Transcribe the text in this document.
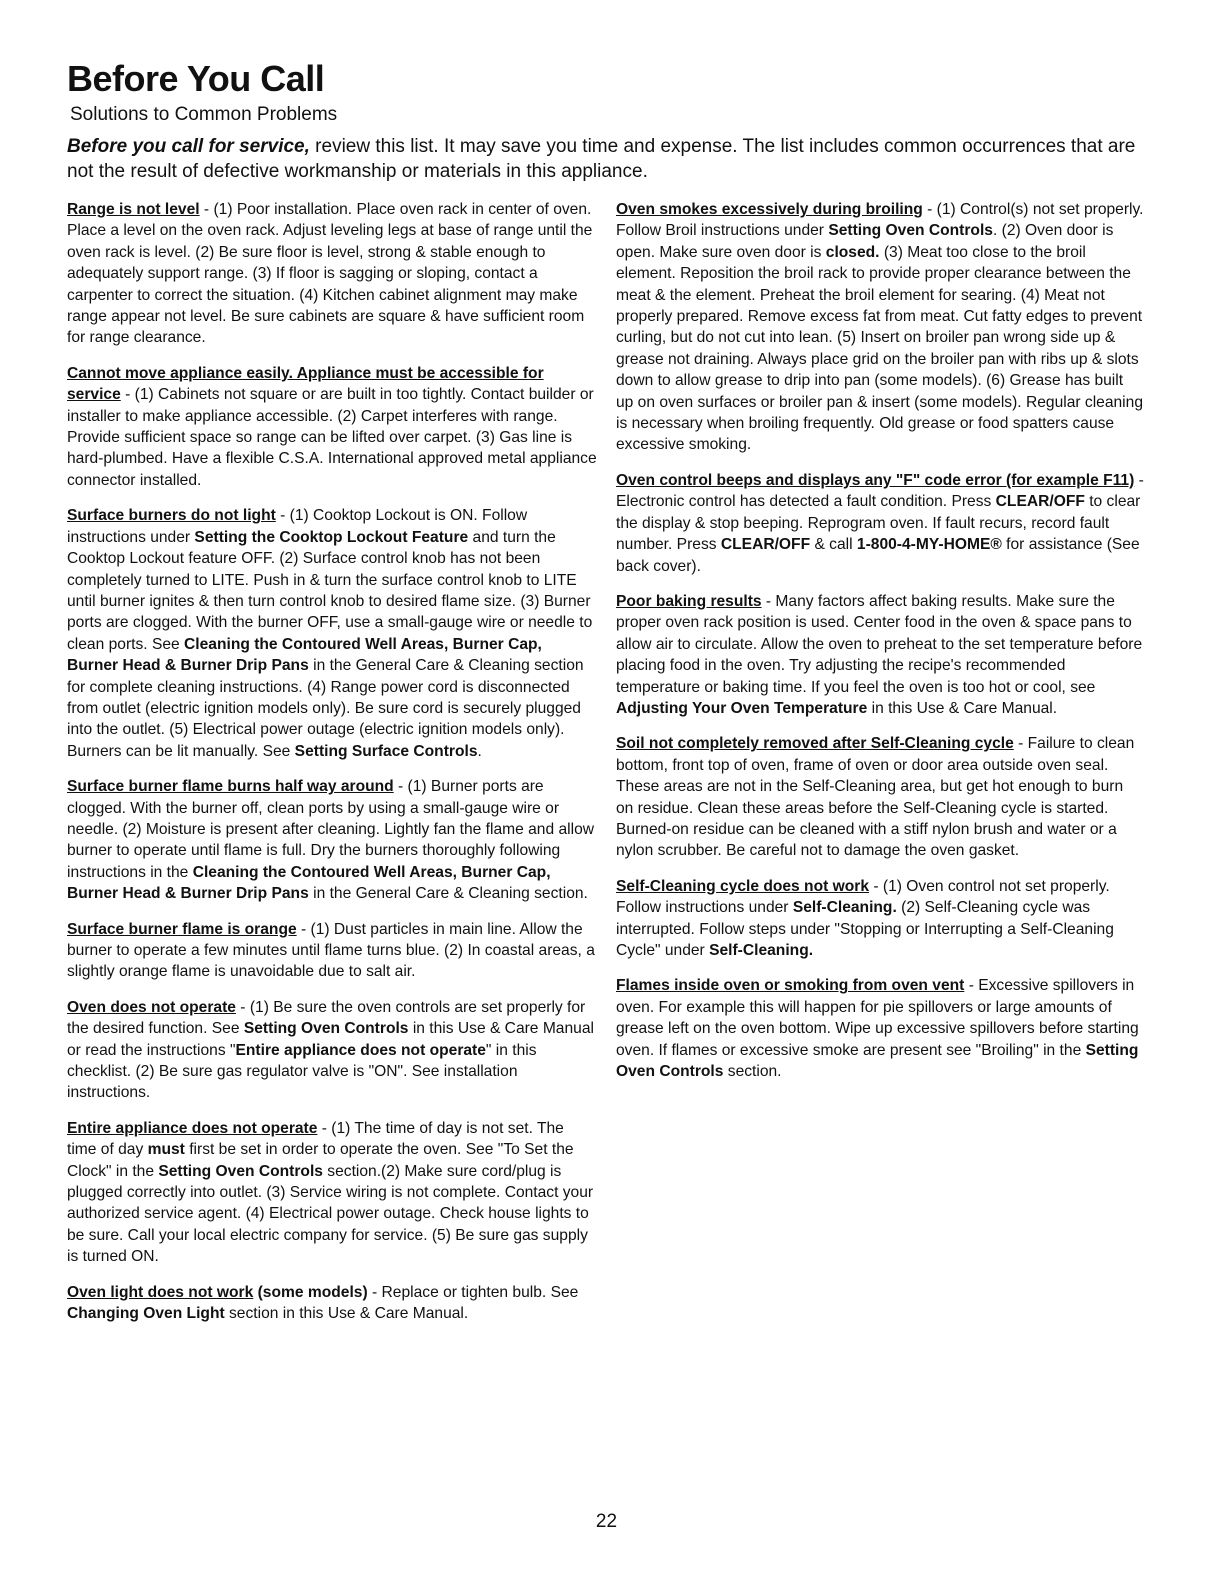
Before You Call

Solutions to Common Problems

Before you call for service, review this list. It may save you time and expense. The list includes common occurrences that are not the result of defective workmanship or materials in this appliance.

Range is not level - (1) Poor installation. Place oven rack in center of oven. Place a level on the oven rack. Adjust leveling legs at base of range until the oven rack is level. (2) Be sure floor is level, strong & stable enough to adequately support range. (3) If floor is sagging or sloping, contact a carpenter to correct the situation. (4) Kitchen cabinet alignment may make range appear not level. Be sure cabinets are square & have sufficient room for range clearance.

Cannot move appliance easily. Appliance must be accessible for service - (1) Cabinets not square or are built in too tightly. Contact builder or installer to make appliance accessible. (2) Carpet interferes with range. Provide sufficient space so range can be lifted over carpet. (3) Gas line is hard-plumbed. Have a flexible C.S.A. International approved metal appliance connector installed.

Surface burners do not light - (1) Cooktop Lockout is ON. Follow instructions under Setting the Cooktop Lockout Feature and turn the Cooktop Lockout feature OFF. (2) Surface control knob has not been completely turned to LITE. Push in & turn the surface control knob to LITE until burner ignites & then turn control knob to desired flame size. (3) Burner ports are clogged. With the burner OFF, use a small-gauge wire or needle to clean ports. See Cleaning the Contoured Well Areas, Burner Cap, Burner Head & Burner Drip Pans in the General Care & Cleaning section for complete cleaning instructions. (4) Range power cord is disconnected from outlet (electric ignition models only). Be sure cord is securely plugged into the outlet. (5) Electrical power outage (electric ignition models only). Burners can be lit manually. See Setting Surface Controls.

Surface burner flame burns half way around - (1) Burner ports are clogged. With the burner off, clean ports by using a small-gauge wire or needle. (2) Moisture is present after cleaning. Lightly fan the flame and allow burner to operate until flame is full. Dry the burners thoroughly following instructions in the Cleaning the Contoured Well Areas, Burner Cap, Burner Head & Burner Drip Pans in the General Care & Cleaning section.

Surface burner flame is orange - (1) Dust particles in main line. Allow the burner to operate a few minutes until flame turns blue. (2) In coastal areas, a slightly orange flame is unavoidable due to salt air.

Oven does not operate - (1) Be sure the oven controls are set properly for the desired function. See Setting Oven Controls in this Use & Care Manual or read the instructions "Entire appliance does not operate" in this checklist. (2) Be sure gas regulator valve is "ON". See installation instructions.

Entire appliance does not operate - (1) The time of day is not set. The time of day must first be set in order to operate the oven. See "To Set the Clock" in the Setting Oven Controls section.(2) Make sure cord/plug is plugged correctly into outlet. (3) Service wiring is not complete. Contact your authorized service agent. (4) Electrical power outage. Check house lights to be sure. Call your local electric company for service. (5) Be sure gas supply is turned ON.

Oven light does not work (some models) - Replace or tighten bulb. See Changing Oven Light section in this Use & Care Manual.

Oven smokes excessively during broiling - (1) Control(s) not set properly. Follow Broil instructions under Setting Oven Controls. (2) Oven door is open. Make sure oven door is closed. (3) Meat too close to the broil element. Reposition the broil rack to provide proper clearance between the meat & the element. Preheat the broil element for searing. (4) Meat not properly prepared. Remove excess fat from meat. Cut fatty edges to prevent curling, but do not cut into lean. (5) Insert on broiler pan wrong side up & grease not draining. Always place grid on the broiler pan with ribs up & slots down to allow grease to drip into pan (some models). (6) Grease has built up on oven surfaces or broiler pan & insert (some models). Regular cleaning is necessary when broiling frequently. Old grease or food spatters cause excessive smoking.

Oven control beeps and displays any "F" code error (for example F11) - Electronic control has detected a fault condition. Press CLEAR/OFF to clear the display & stop beeping. Reprogram oven. If fault recurs, record fault number. Press CLEAR/OFF & call 1-800-4-MY-HOME® for assistance (See back cover).

Poor baking results - Many factors affect baking results. Make sure the proper oven rack position is used. Center food in the oven & space pans to allow air to circulate. Allow the oven to preheat to the set temperature before placing food in the oven. Try adjusting the recipe's recommended temperature or baking time. If you feel the oven is too hot or cool, see Adjusting Your Oven Temperature in this Use & Care Manual.

Soil not completely removed after Self-Cleaning cycle - Failure to clean bottom, front top of oven, frame of oven or door area outside oven seal. These areas are not in the Self-Cleaning area, but get hot enough to burn on residue. Clean these areas before the Self-Cleaning cycle is started. Burned-on residue can be cleaned with a stiff nylon brush and water or a nylon scrubber. Be careful not to damage the oven gasket.

Self-Cleaning cycle does not work - (1) Oven control not set properly. Follow instructions under Self-Cleaning. (2) Self-Cleaning cycle was interrupted. Follow steps under "Stopping or Interrupting a Self-Cleaning Cycle" under Self-Cleaning.

Flames inside oven or smoking from oven vent - Excessive spillovers in oven. For example this will happen for pie spillovers or large amounts of grease left on the oven bottom. Wipe up excessive spillovers before starting oven. If flames or excessive smoke are present see "Broiling" in the Setting Oven Controls section.

22
